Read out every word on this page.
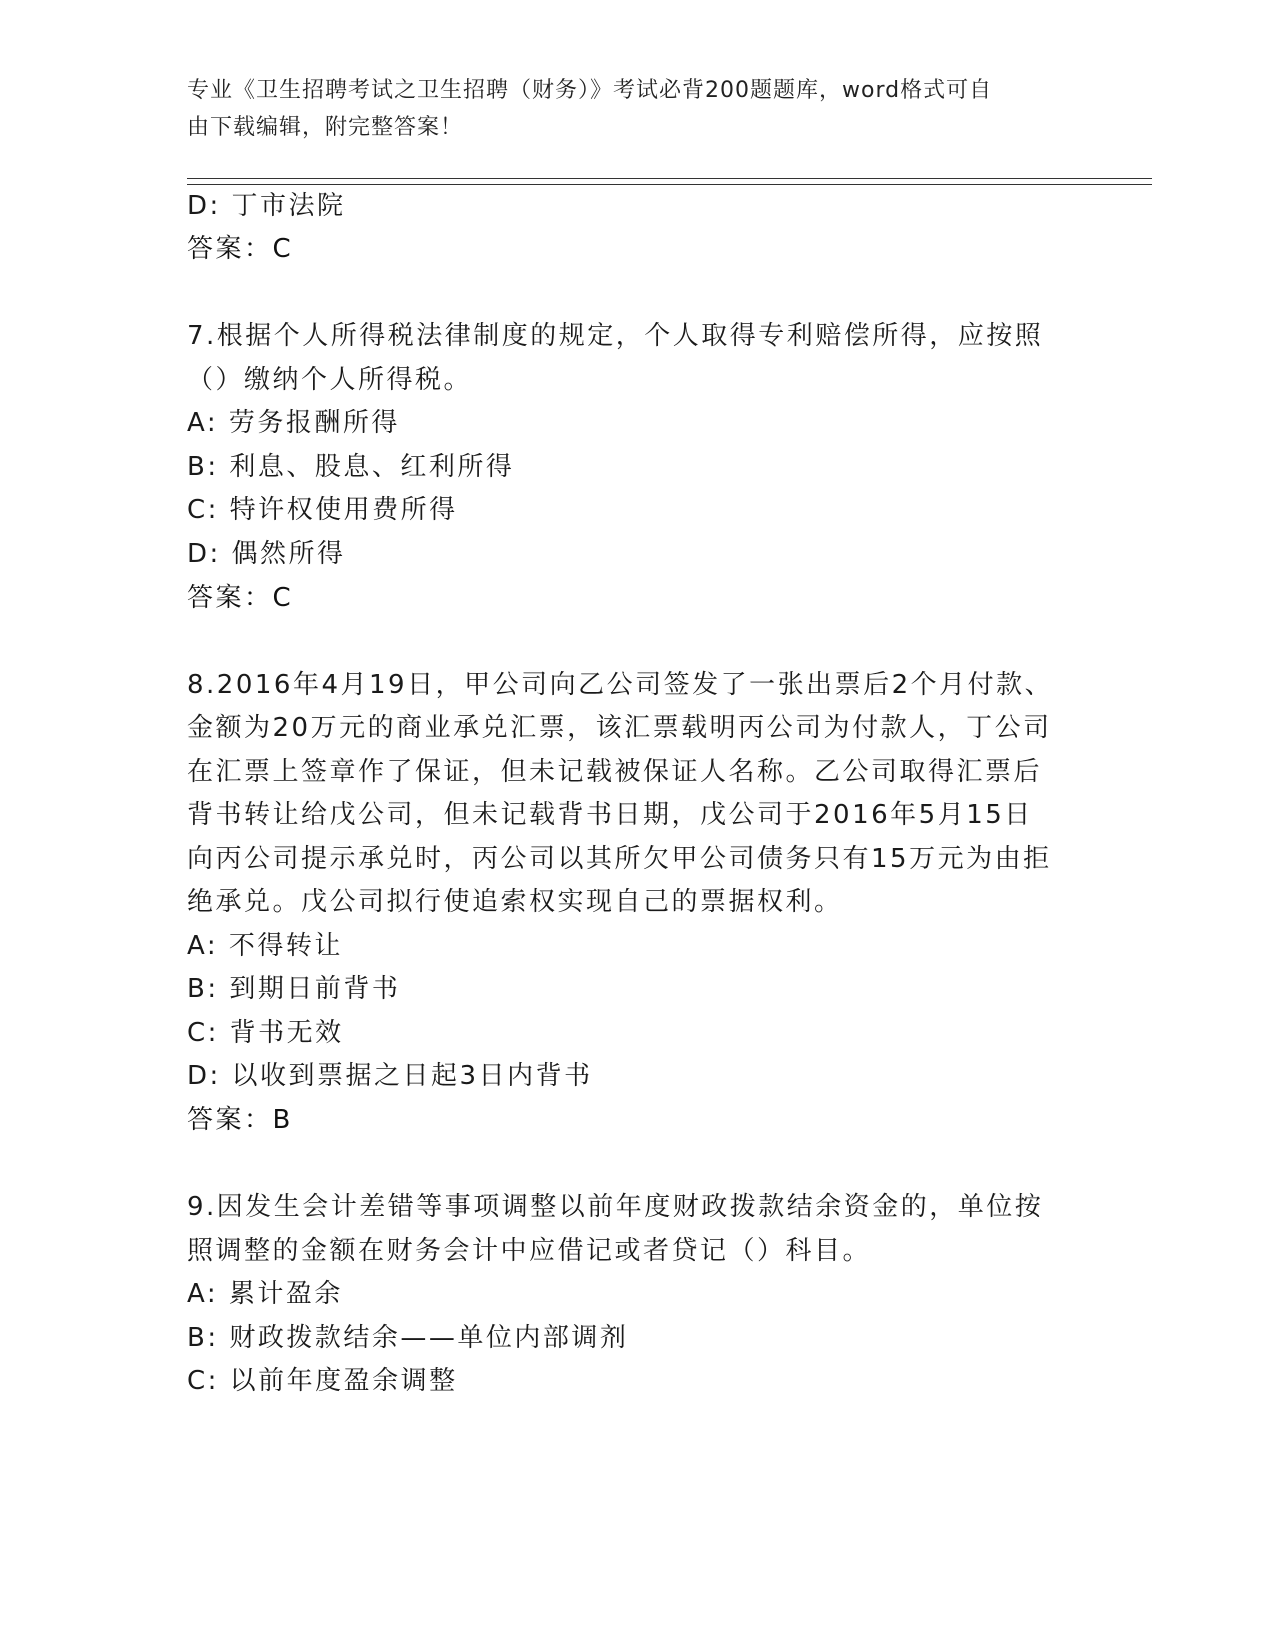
专业《卫生招聘考试之卫生招聘（财务）》考试必背200题题库，word格式可自
由下载编辑，附完整答案！
D: 丁市法院
答案：C
7.根据个人所得税法律制度的规定，个人取得专利赔偿所得，应按照
（）缴纳个人所得税。
A: 劳务报酬所得
B: 利息、股息、红利所得
C: 特许权使用费所得
D: 偶然所得
答案：C
8.2016年4月19日，甲公司向乙公司签发了一张出票后2个月付款、
金额为20万元的商业承兑汇票，该汇票载明丙公司为付款人，丁公司
在汇票上签章作了保证，但未记载被保证人名称。乙公司取得汇票后
背书转让给戊公司，但未记载背书日期，戊公司于2016年5月15日
向丙公司提示承兑时，丙公司以其所欠甲公司债务只有15万元为由拒
绝承兑。戊公司拟行使追索权实现自己的票据权利。
A: 不得转让
B: 到期日前背书
C: 背书无效
D: 以收到票据之日起3日内背书
答案：B
9.因发生会计差错等事项调整以前年度财政拨款结余资金的，单位按
照调整的金额在财务会计中应借记或者贷记（）科目。
A: 累计盈余
B: 财政拨款结余——单位内部调剂
C: 以前年度盈余调整
